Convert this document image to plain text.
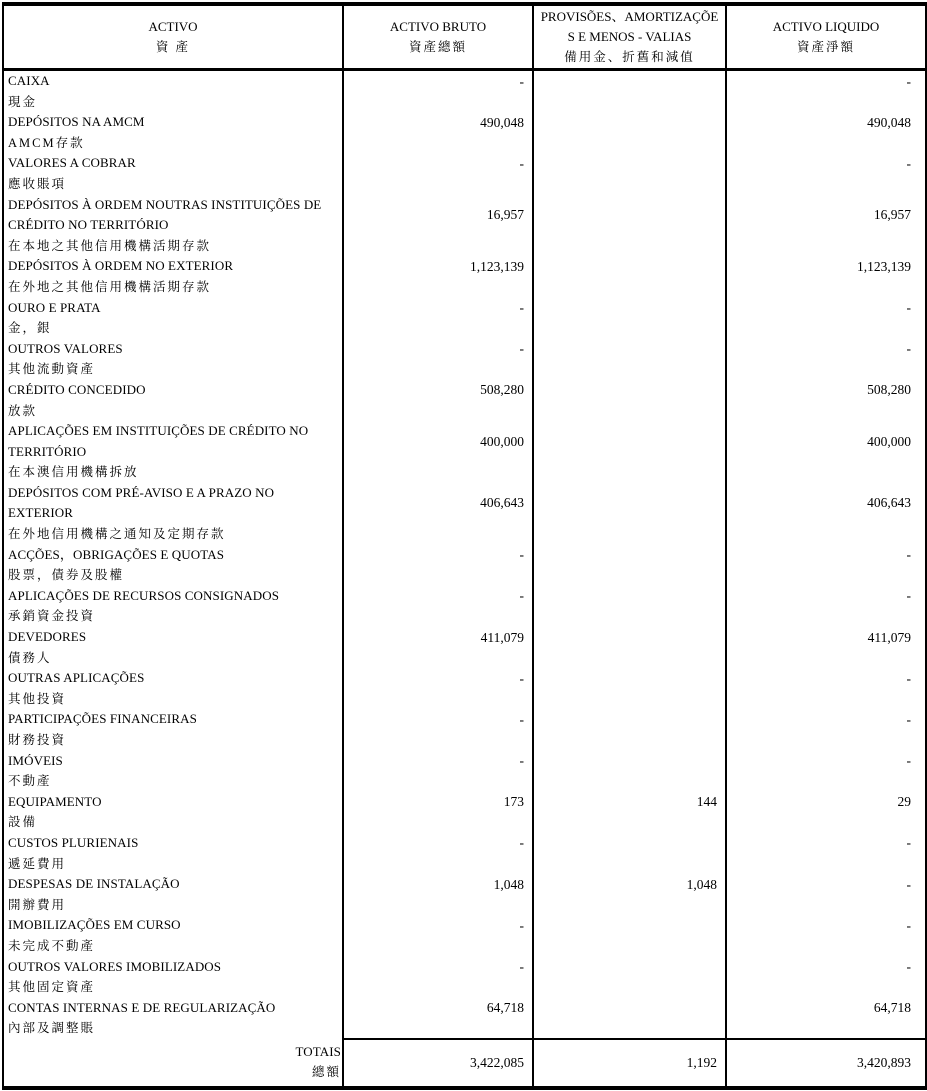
ACTIVO
資 產

ACTIVO BRUTO
資產總額

PROVISÕES、AMORTIZAÇÕE
S E MENOS - VALIAS
備用金、折舊和減值

ACTIVO LIQUIDO
資產淨額

CAIXA
現金	-		-

DEPÓSITOS NA AMCM
AMCM存款	490,048		490,048

VALORES A COBRAR
應收賬項	-		-

DEPÓSITOS À ORDEM NOUTRAS INSTITUIÇÕES DE CRÉDITO NO TERRITÓRIO
在本地之其他信用機構活期存款	16,957		16,957

DEPÓSITOS À ORDEM NO EXTERIOR
在外地之其他信用機構活期存款	1,123,139		1,123,139

OURO E PRATA
金，銀	-		-

OUTROS VALORES
其他流動資產	-		-

CRÉDITO CONCEDIDO
放款	508,280		508,280

APLICAÇÕES EM INSTITUIÇÕES DE CRÉDITO NO TERRITÓRIO
在本澳信用機構拆放	400,000		400,000

DEPÓSITOS COM PRÉ-AVISO E A PRAZO NO EXTERIOR
在外地信用機構之通知及定期存款	406,643		406,643

ACÇÕES，OBRIGAÇÕES E QUOTAS
股票，債券及股權	-		-

APLICAÇÕES DE RECURSOS CONSIGNADOS
承銷資金投資	-		-

DEVEDORES
債務人	411,079		411,079

OUTRAS APLICAÇÕES
其他投資	-		-

PARTICIPAÇÕES FINANCEIRAS
財務投資	-		-

IMÓVEIS
不動產	-		-

EQUIPAMENTO
設備	173	144	29

CUSTOS PLURIENAIS
遞延費用	-		-

DESPESAS DE INSTALAÇÃO
開辦費用	1,048	1,048	-

IMOBILIZAÇÕES EM CURSO
未完成不動產	-		-

OUTROS VALORES IMOBILIZADOS
其他固定資產	-		-

CONTAS INTERNAS E DE REGULARIZAÇÃO
內部及調整賬	64,718		64,718

TOTAIS
總額	3,422,085	1,192	3,420,893
